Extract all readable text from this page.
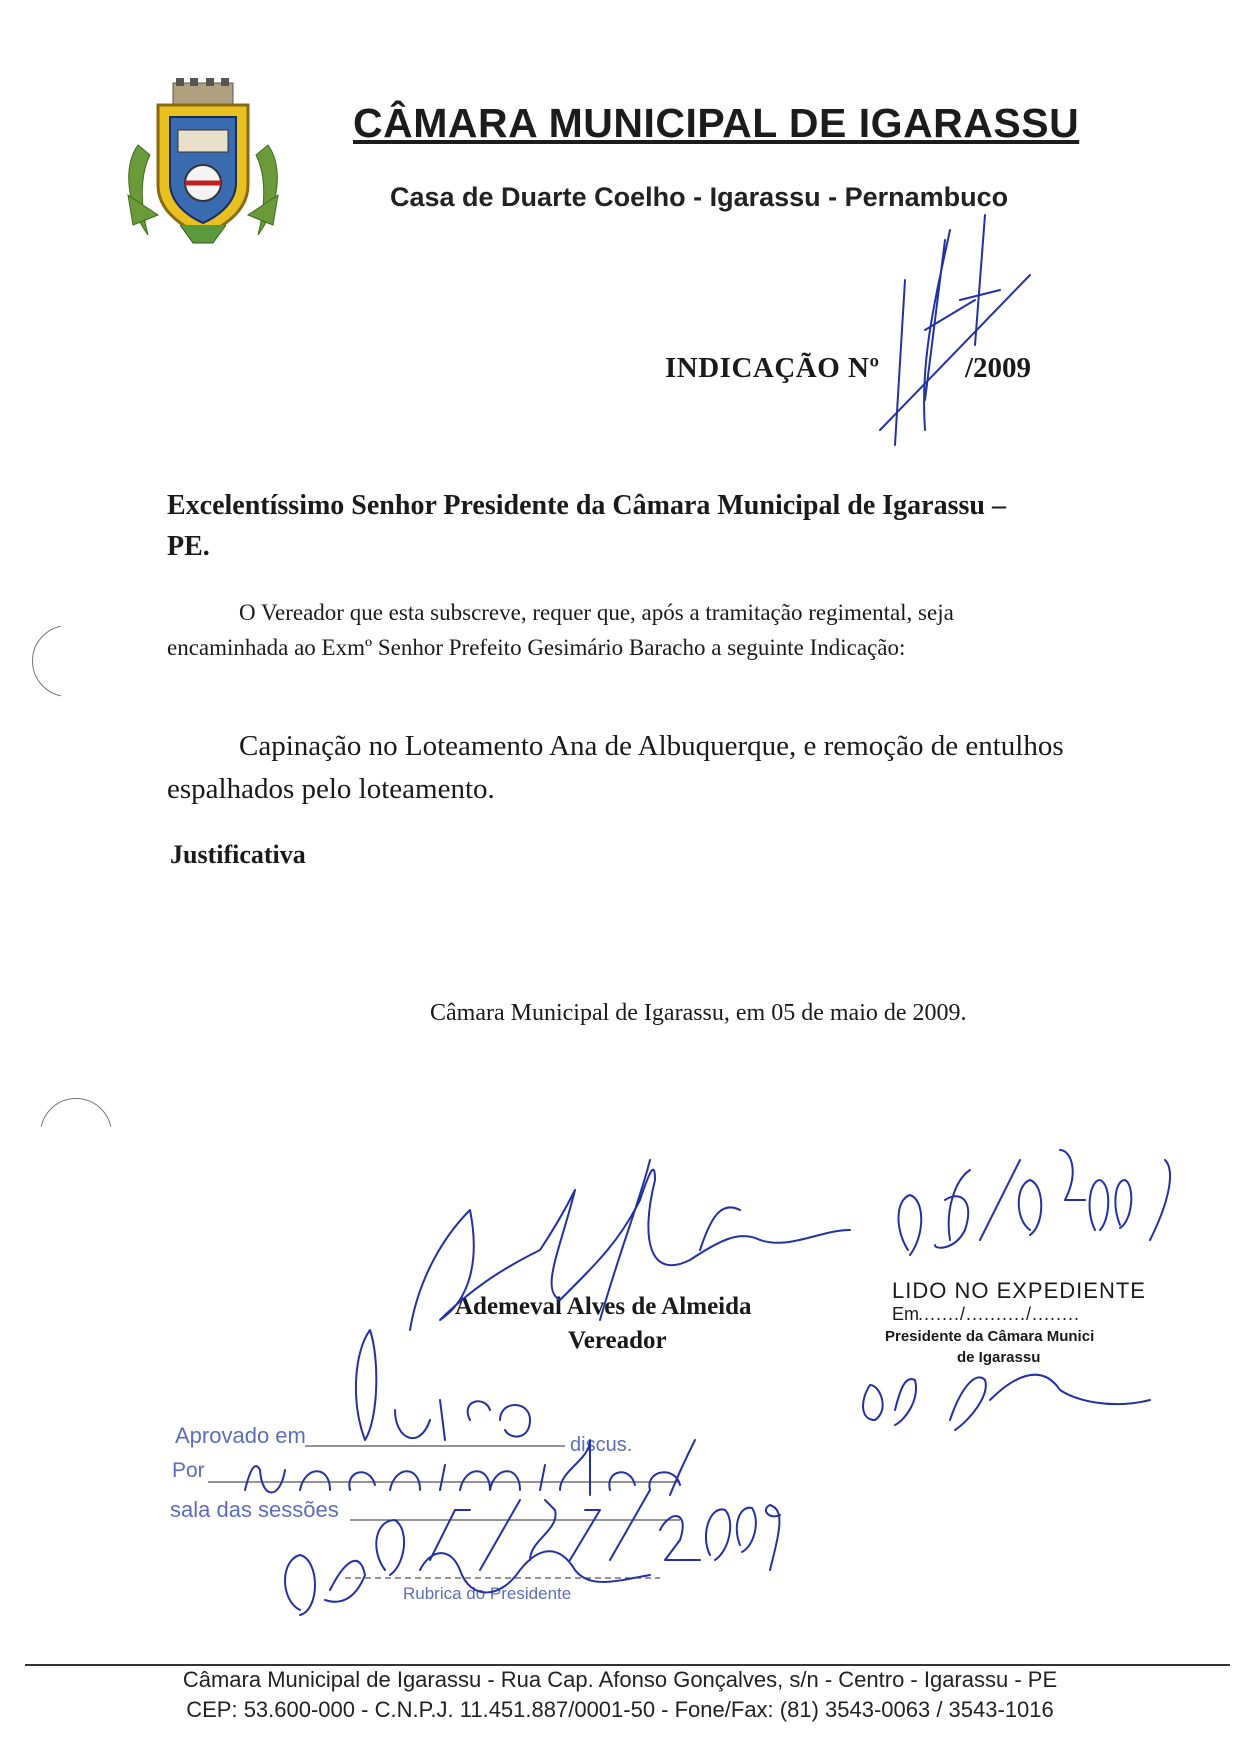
CÂMARA MUNICIPAL DE IGARASSU
Casa de Duarte Coelho - Igarassu - Pernambuco
INDICAÇÃO Nº	/2009
Excelentíssimo Senhor Presidente da Câmara Municipal de Igarassu – PE.
O Vereador que esta subscreve, requer que, após a tramitação regimental, seja encaminhada ao Exmº Senhor Prefeito Gesimário Baracho a seguinte Indicação:
Capinação no Loteamento Ana de Albuquerque, e remoção de entulhos espalhados pelo loteamento.
Justificativa
Câmara Municipal de Igarassu, em 05 de maio de 2009.
Ademeval Alves de Almeida
Vereador
LIDO NO EXPEDIENTE
Em ......./........../........
Presidente da Câmara Munici
de Igarassu
Aprovado em	discus.
Por
sala das sessões
Rubrica do Presidente
Câmara Municipal de Igarassu - Rua Cap. Afonso Gonçalves, s/n - Centro - Igarassu - PE
CEP: 53.600-000 - C.N.P.J. 11.451.887/0001-50 - Fone/Fax: (81) 3543-0063 / 3543-1016
